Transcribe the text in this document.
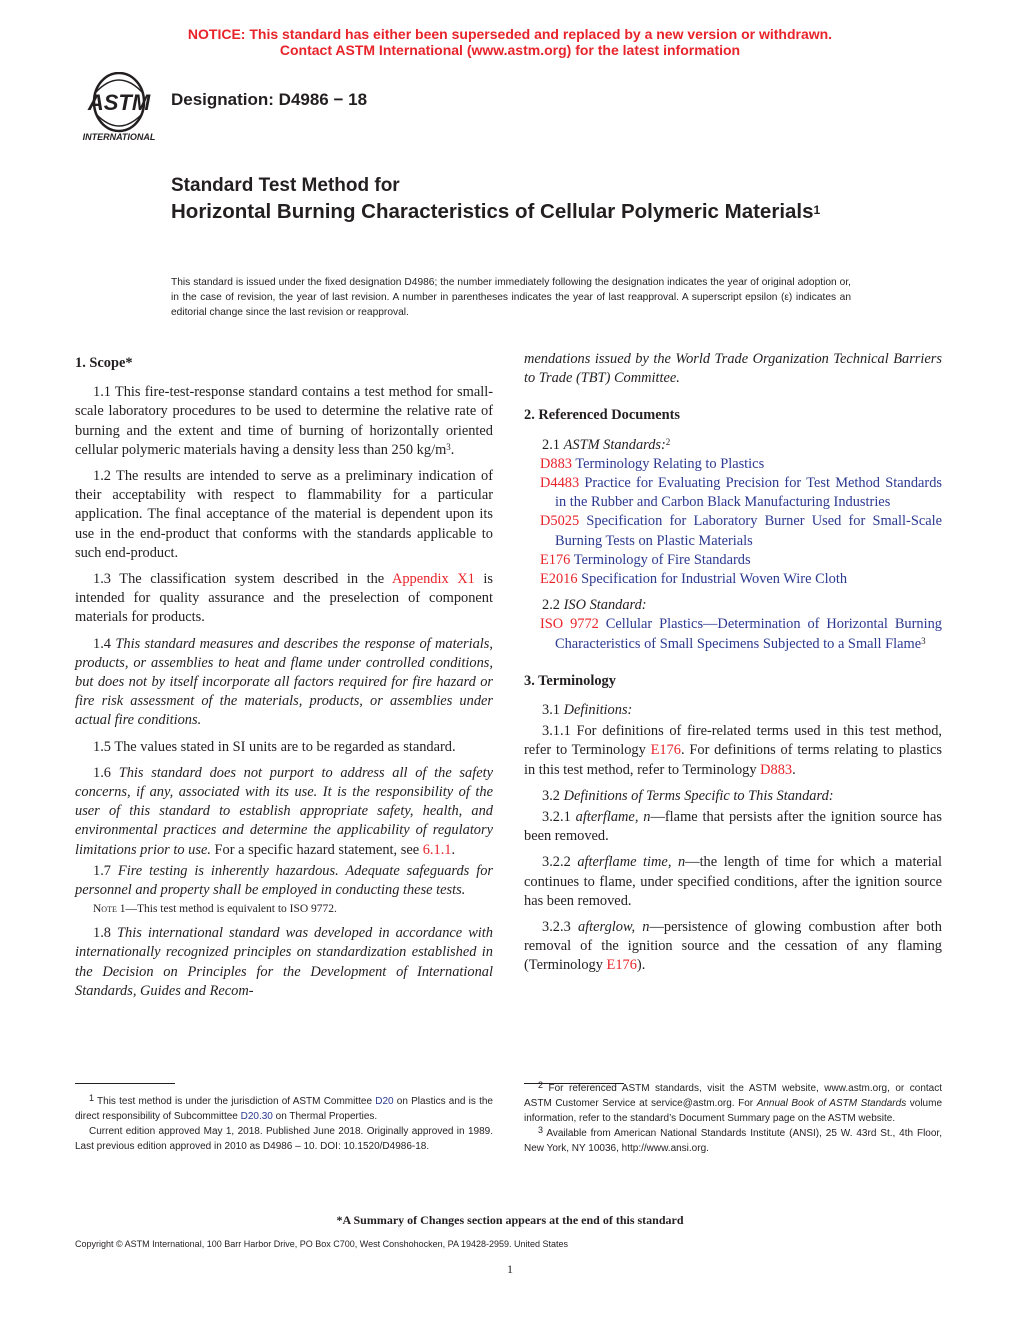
NOTICE: This standard has either been superseded and replaced by a new version or withdrawn.
Contact ASTM International (www.astm.org) for the latest information
ASTM
INTERNATIONAL
Designation: D4986 − 18
Standard Test Method for
Horizontal Burning Characteristics of Cellular Polymeric Materials$^1$
This standard is issued under the fixed designation D4986; the number immediately following the designation indicates the year of original adoption or, in the case of revision, the year of last revision. A number in parentheses indicates the year of last reapproval. A superscript epsilon (ε) indicates an editorial change since the last revision or reapproval.

1. Scope*

1.1 This fire-test-response standard contains a test method for small-scale laboratory procedures to be used to determine the relative rate of burning and the extent and time of burning of horizontally oriented cellular polymeric materials having a density less than 250 kg/m$^3$.

1.2 The results are intended to serve as a preliminary indication of their acceptability with respect to flammability for a particular application. The final acceptance of the material is dependent upon its use in the end-product that conforms with the standards applicable to such end-product.

1.3 The classification system described in the Appendix X1 is intended for quality assurance and the preselection of component materials for products.

1.4 This standard measures and describes the response of materials, products, or assemblies to heat and flame under controlled conditions, but does not by itself incorporate all factors required for fire hazard or fire risk assessment of the materials, products, or assemblies under actual fire conditions.

1.5 The values stated in SI units are to be regarded as standard.

1.6 This standard does not purport to address all of the safety concerns, if any, associated with its use. It is the responsibility of the user of this standard to establish appropriate safety, health, and environmental practices and determine the applicability of regulatory limitations prior to use. For a specific hazard statement, see 6.1.1.

1.7 Fire testing is inherently hazardous. Adequate safeguards for personnel and property shall be employed in conducting these tests.

Note 1—This test method is equivalent to ISO 9772.

1.8 This international standard was developed in accordance with internationally recognized principles on standardization established in the Decision on Principles for the Development of International Standards, Guides and Recom-

mendations issued by the World Trade Organization Technical Barriers to Trade (TBT) Committee.

2. Referenced Documents

2.1 ASTM Standards:$^2$

D883 Terminology Relating to Plastics

D4483 Practice for Evaluating Precision for Test Method Standards in the Rubber and Carbon Black Manufacturing Industries

D5025 Specification for Laboratory Burner Used for Small-Scale Burning Tests on Plastic Materials

E176 Terminology of Fire Standards

E2016 Specification for Industrial Woven Wire Cloth

2.2 ISO Standard:

ISO 9772 Cellular Plastics—Determination of Horizontal Burning Characteristics of Small Specimens Subjected to a Small Flame$^3$

3. Terminology

3.1 Definitions:

3.1.1 For definitions of fire-related terms used in this test method, refer to Terminology E176. For definitions of terms relating to plastics in this test method, refer to Terminology D883.

3.2 Definitions of Terms Specific to This Standard:

3.2.1 afterflame, n—flame that persists after the ignition source has been removed.

3.2.2 afterflame time, n—the length of time for which a material continues to flame, under specified conditions, after the ignition source has been removed.

3.2.3 afterglow, n—persistence of glowing combustion after both removal of the ignition source and the cessation of any flaming (Terminology E176).

$^1$ This test method is under the jurisdiction of ASTM Committee D20 on Plastics and is the direct responsibility of Subcommittee D20.30 on Thermal Properties.

Current edition approved May 1, 2018. Published June 2018. Originally approved in 1989. Last previous edition approved in 2010 as D4986 – 10. DOI: 10.1520/D4986-18.

$^2$ For referenced ASTM standards, visit the ASTM website, www.astm.org, or contact ASTM Customer Service at service@astm.org. For Annual Book of ASTM Standards volume information, refer to the standard’s Document Summary page on the ASTM website.

$^3$ Available from American National Standards Institute (ANSI), 25 W. 43rd St., 4th Floor, New York, NY 10036, http://www.ansi.org.

*A Summary of Changes section appears at the end of this standard
Copyright © ASTM International, 100 Barr Harbor Drive, PO Box C700, West Conshohocken, PA 19428-2959. United States
1
